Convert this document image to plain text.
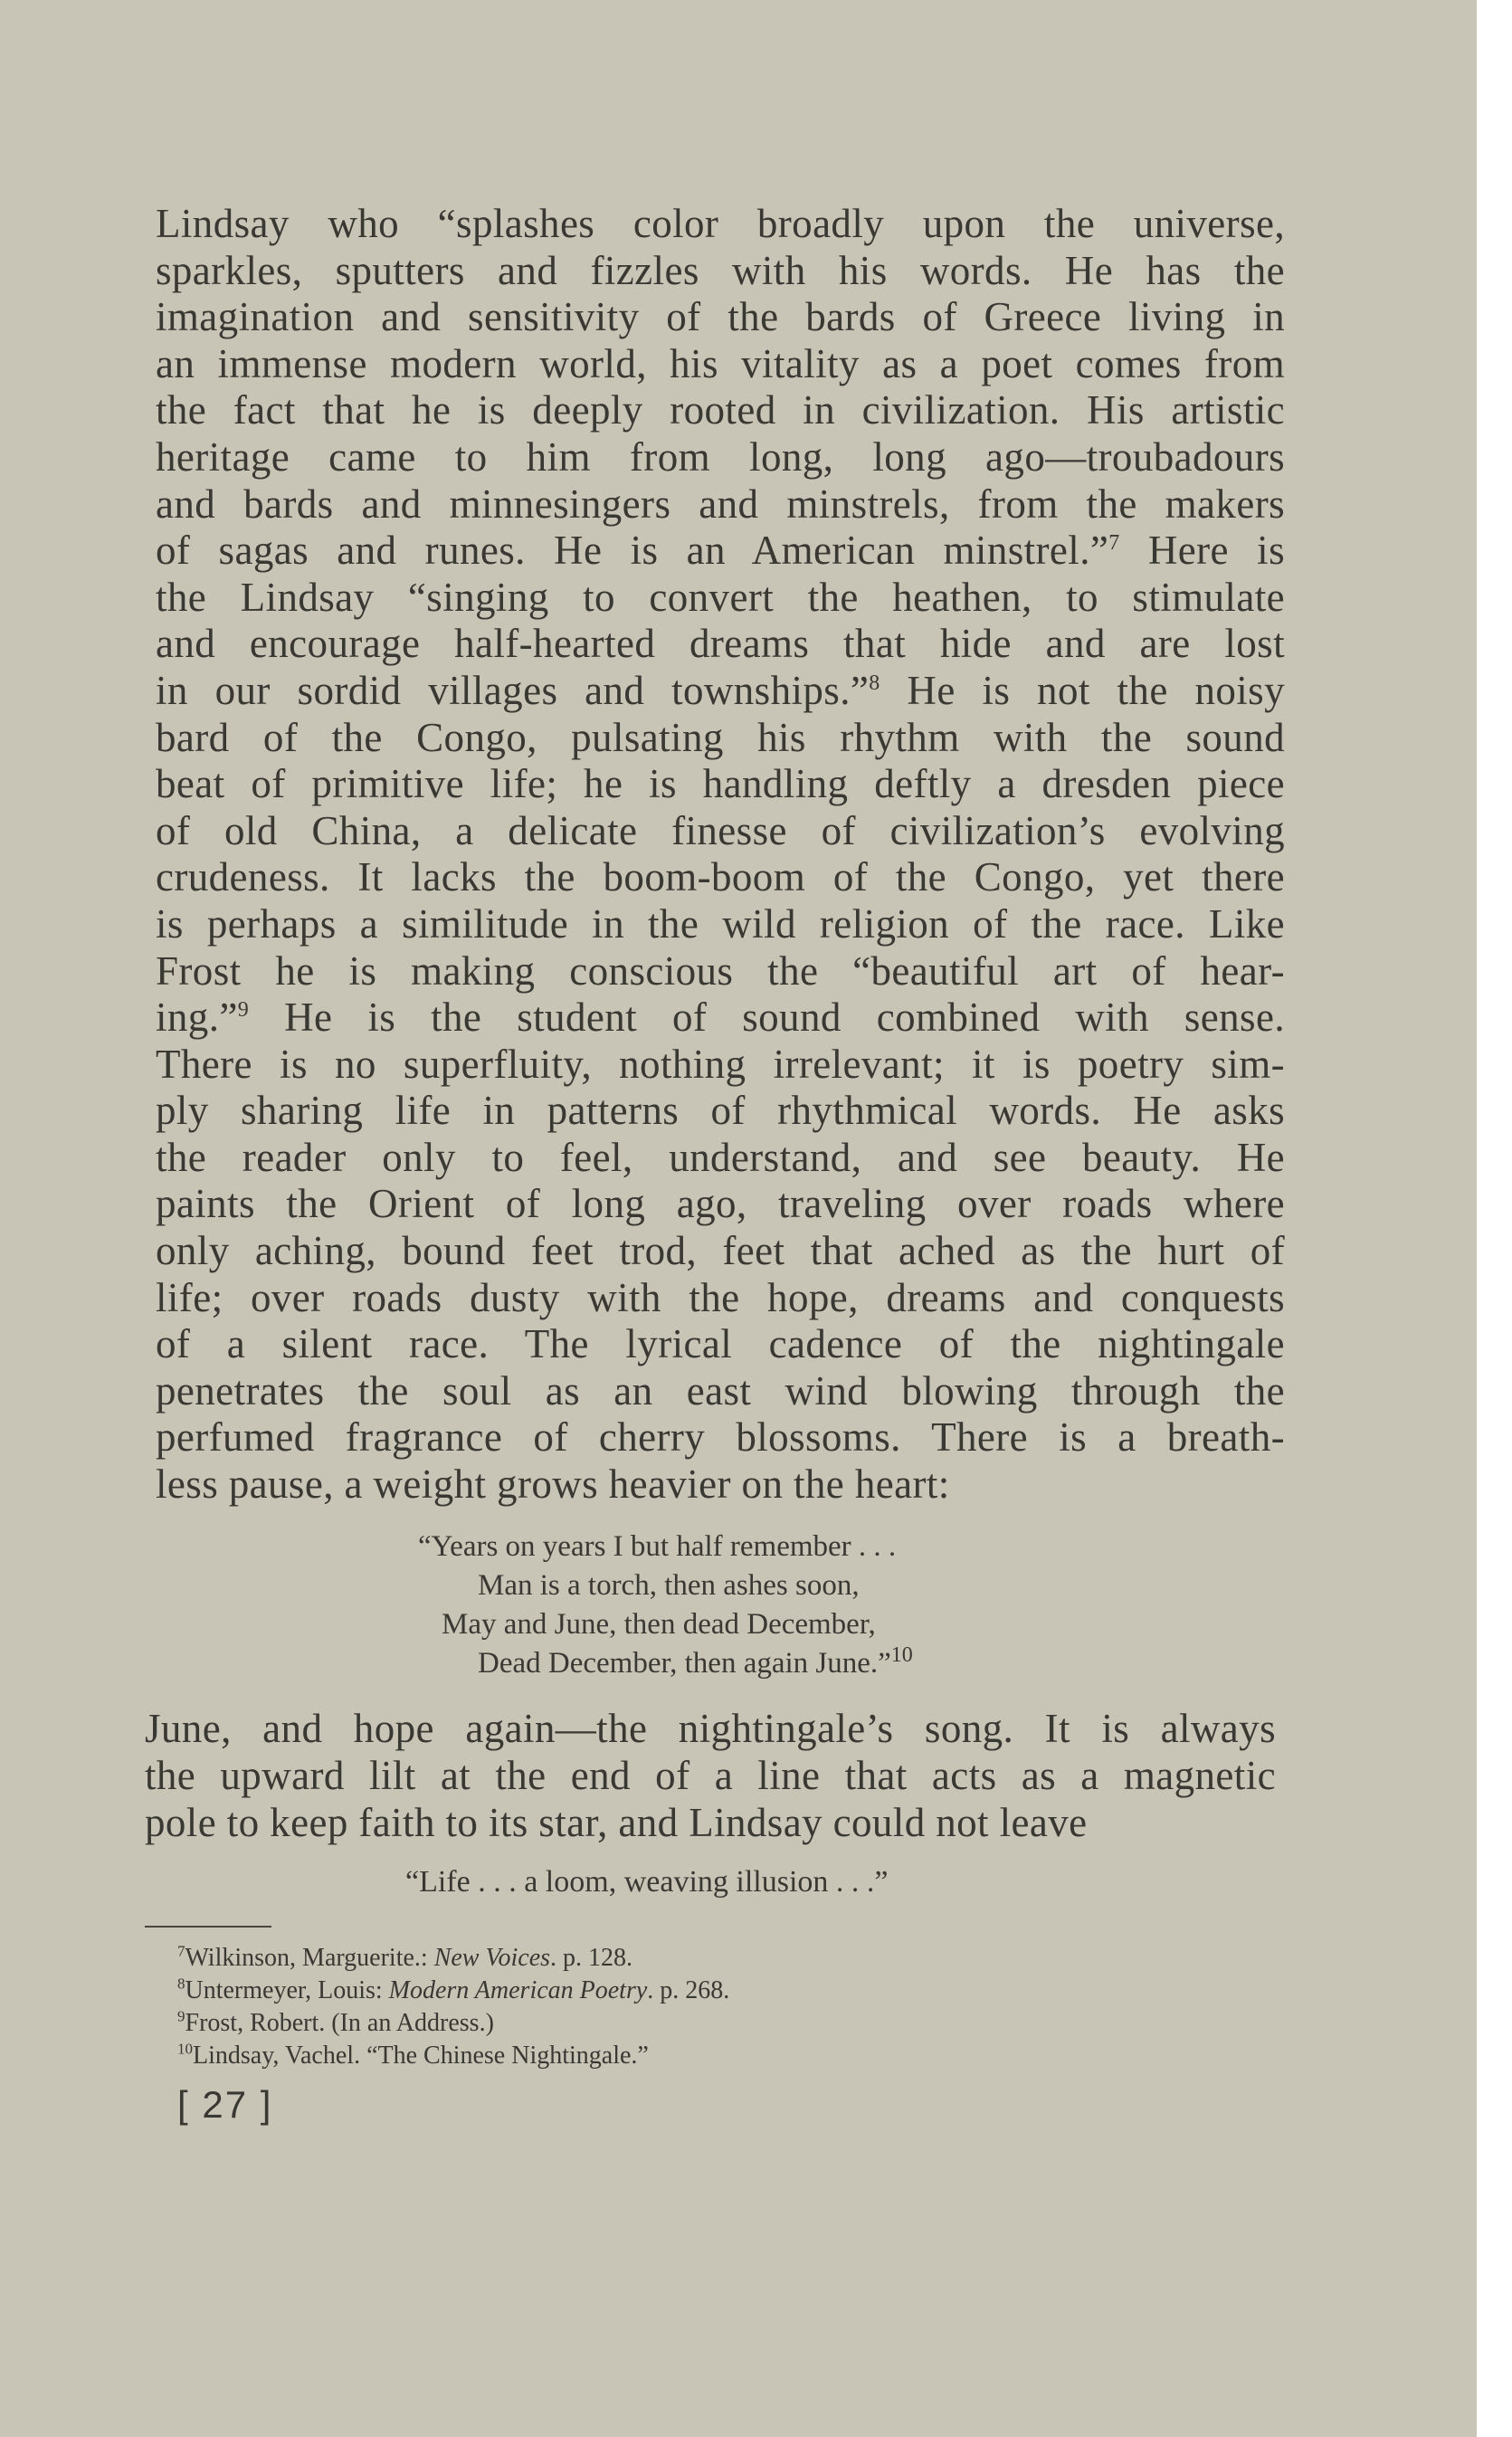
Lindsay who “splashes color broadly upon the universe,
sparkles, sputters and fizzles with his words. He has the
imagination and sensitivity of the bards of Greece living in
an immense modern world, his vitality as a poet comes from
the fact that he is deeply rooted in civilization. His artistic
heritage came to him from long, long ago—troubadours
and bards and minnesingers and minstrels, from the makers
of sagas and runes. He is an American minstrel.”$^7$ Here is
the Lindsay “singing to convert the heathen, to stimulate
and encourage half-hearted dreams that hide and are lost
in our sordid villages and townships.”$^8$ He is not the noisy
bard of the Congo, pulsating his rhythm with the sound
beat of primitive life; he is handling deftly a dresden piece
of old China, a delicate finesse of civilization’s evolving
crudeness. It lacks the boom-boom of the Congo, yet there
is perhaps a similitude in the wild religion of the race. Like
Frost he is making conscious the “beautiful art of hear-
ing.”$^9$ He is the student of sound combined with sense.
There is no superfluity, nothing irrelevant; it is poetry sim-
ply sharing life in patterns of rhythmical words. He asks
the reader only to feel, understand, and see beauty. He
paints the Orient of long ago, traveling over roads where
only aching, bound feet trod, feet that ached as the hurt of
life; over roads dusty with the hope, dreams and conquests
of a silent race. The lyrical cadence of the nightingale
penetrates the soul as an east wind blowing through the
perfumed fragrance of cherry blossoms. There is a breath-
less pause, a weight grows heavier on the heart:
“Years on years I but half remember . . .
Man is a torch, then ashes soon,
May and June, then dead December,
Dead December, then again June.”$^{10}$
June, and hope again—the nightingale’s song. It is always
the upward lilt at the end of a line that acts as a magnetic
pole to keep faith to its star, and Lindsay could not leave
“Life . . . a loom, weaving illusion . . .”
$^7$Wilkinson, Marguerite.: New Voices. p. 128.
$^8$Untermeyer, Louis: Modern American Poetry. p. 268.
$^9$Frost, Robert. (In an Address.)
$^{10}$Lindsay, Vachel. “The Chinese Nightingale.”
[ 27 ]
